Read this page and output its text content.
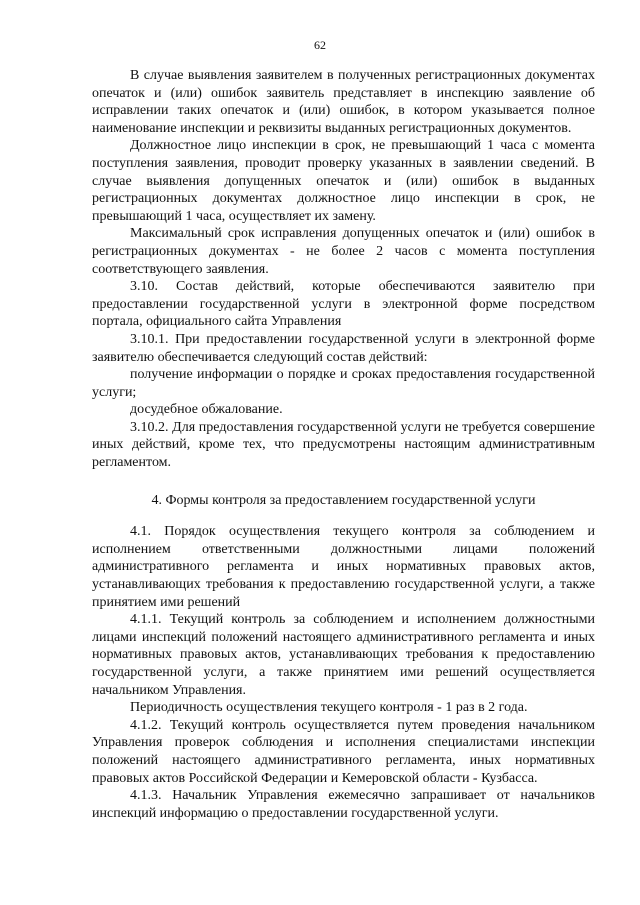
62

В случае выявления заявителем в полученных регистрационных документах опечаток и (или) ошибок заявитель представляет в инспекцию заявление об исправлении таких опечаток и (или) ошибок, в котором указывается полное наименование инспекции и реквизиты выданных регистрационных документов.

Должностное лицо инспекции в срок, не превышающий 1 часа с момента поступления заявления, проводит проверку указанных в заявлении сведений. В случае выявления допущенных опечаток и (или) ошибок в выданных регистрационных документах должностное лицо инспекции в срок, не превышающий 1 часа, осуществляет их замену.

Максимальный срок исправления допущенных опечаток и (или) ошибок в регистрационных документах - не более 2 часов с момента поступления соответствующего заявления.

3.10. Состав действий, которые обеспечиваются заявителю при предоставлении государственной услуги в электронной форме посредством портала, официального сайта Управления

3.10.1. При предоставлении государственной услуги в электронной форме заявителю обеспечивается следующий состав действий:

получение информации о порядке и сроках предоставления государственной услуги;

досудебное обжалование.

3.10.2. Для предоставления государственной услуги не требуется совершение иных действий, кроме тех, что предусмотрены настоящим административным регламентом.

4. Формы контроля за предоставлением государственной услуги

4.1. Порядок осуществления текущего контроля за соблюдением и исполнением ответственными должностными лицами положений административного регламента и иных нормативных правовых актов, устанавливающих требования к предоставлению государственной услуги, а также принятием ими решений

4.1.1. Текущий контроль за соблюдением и исполнением должностными лицами инспекций положений настоящего административного регламента и иных нормативных правовых актов, устанавливающих требования к предоставлению государственной услуги, а также принятием ими решений осуществляется начальником Управления.

Периодичность осуществления текущего контроля - 1 раз в 2 года.

4.1.2. Текущий контроль осуществляется путем проведения начальником Управления проверок соблюдения и исполнения специалистами инспекции положений настоящего административного регламента, иных нормативных правовых актов Российской Федерации и Кемеровской области - Кузбасса.

4.1.3. Начальник Управления ежемесячно запрашивает от начальников инспекций информацию о предоставлении государственной услуги.
